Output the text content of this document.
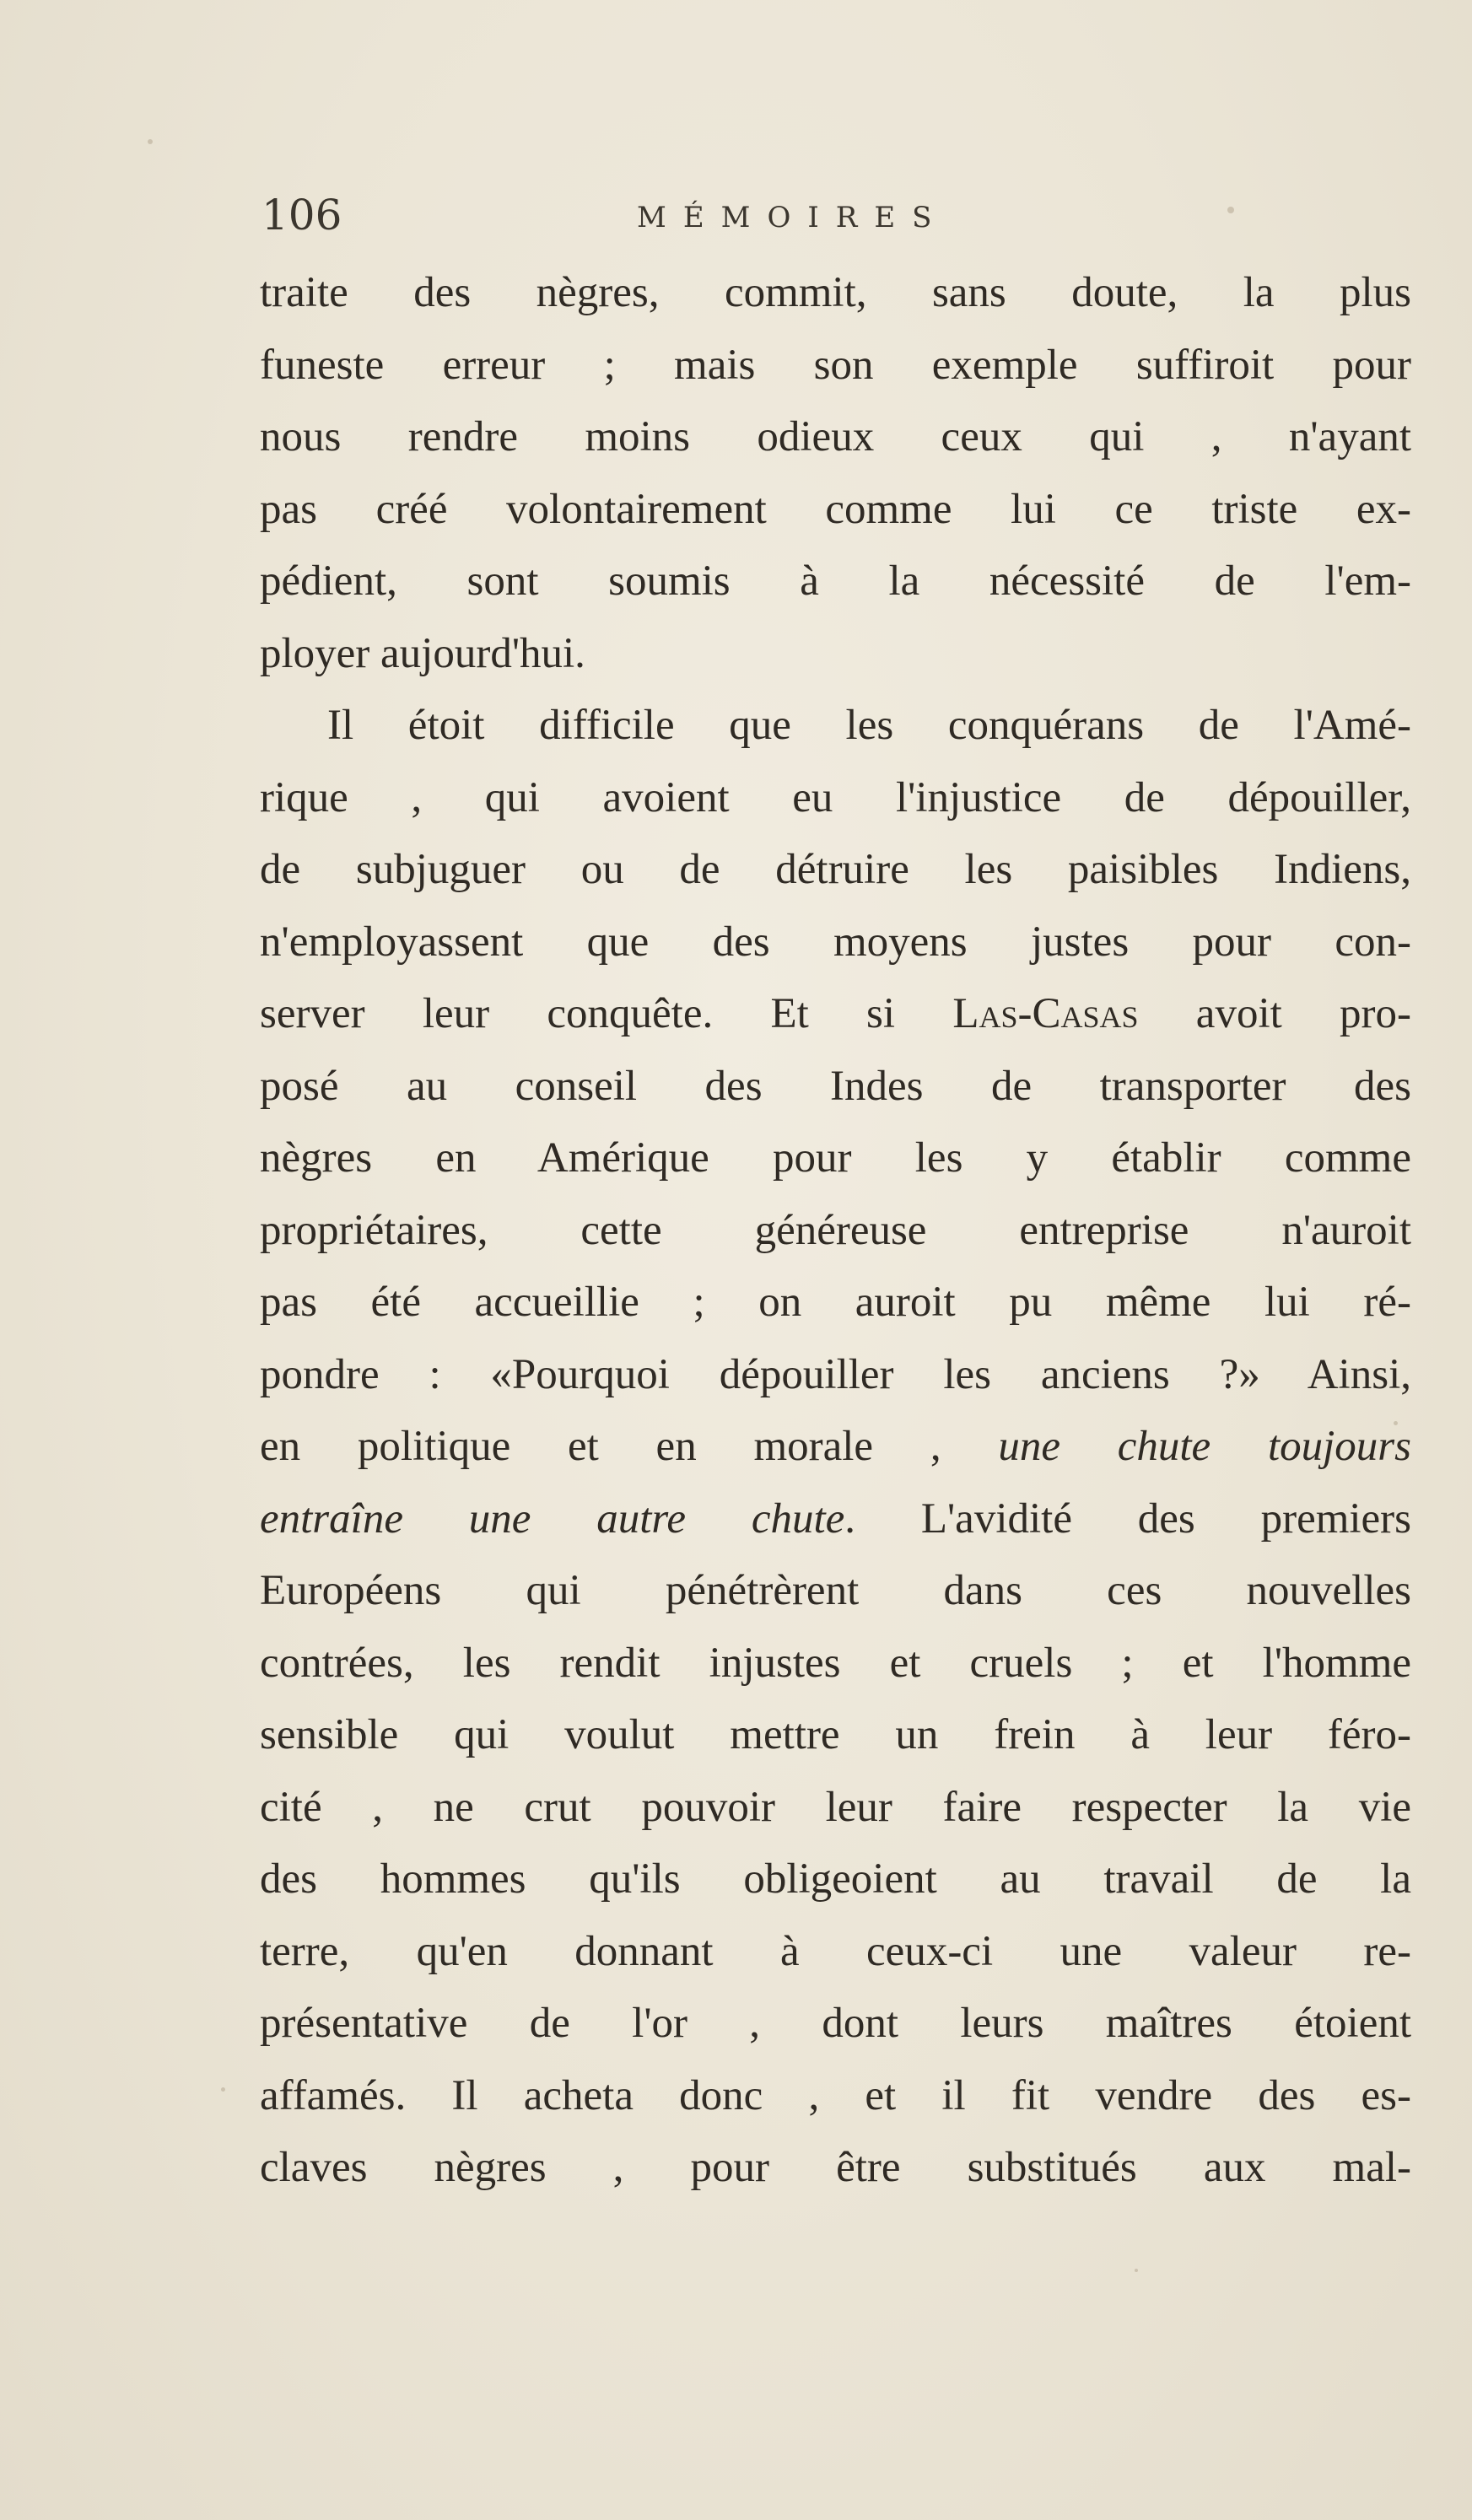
106	MÉMOIRES
traite des nègres, commit, sans doute, la plus
funeste erreur ; mais son exemple suffiroit pour
nous rendre moins odieux ceux qui , n'ayant
pas créé volontairement comme lui ce triste ex-
pédient, sont soumis à la nécessité de l'em-
ployer aujourd'hui.
Il étoit difficile que les conquérans de l'Amé-
rique , qui avoient eu l'injustice de dépouiller,
de subjuguer ou de détruire les paisibles Indiens,
n'employassent que des moyens justes pour con-
server leur conquête. Et si Las-Casas avoit pro-
posé au conseil des Indes de transporter des
nègres en Amérique pour les y établir comme
propriétaires, cette généreuse entreprise n'auroit
pas été accueillie ; on auroit pu même lui ré-
pondre : «Pourquoi dépouiller les anciens ?» Ainsi,
en politique et en morale , une chute toujours
entraîne une autre chute. L'avidité des premiers
Européens qui pénétrèrent dans ces nouvelles
contrées, les rendit injustes et cruels ; et l'homme
sensible qui voulut mettre un frein à leur féro-
cité , ne crut pouvoir leur faire respecter la vie
des hommes qu'ils obligeoient au travail de la
terre, qu'en donnant à ceux-ci une valeur re-
présentative de l'or , dont leurs maîtres étoient
affamés. Il acheta donc , et il fit vendre des es-
claves nègres , pour être substitués aux mal-
